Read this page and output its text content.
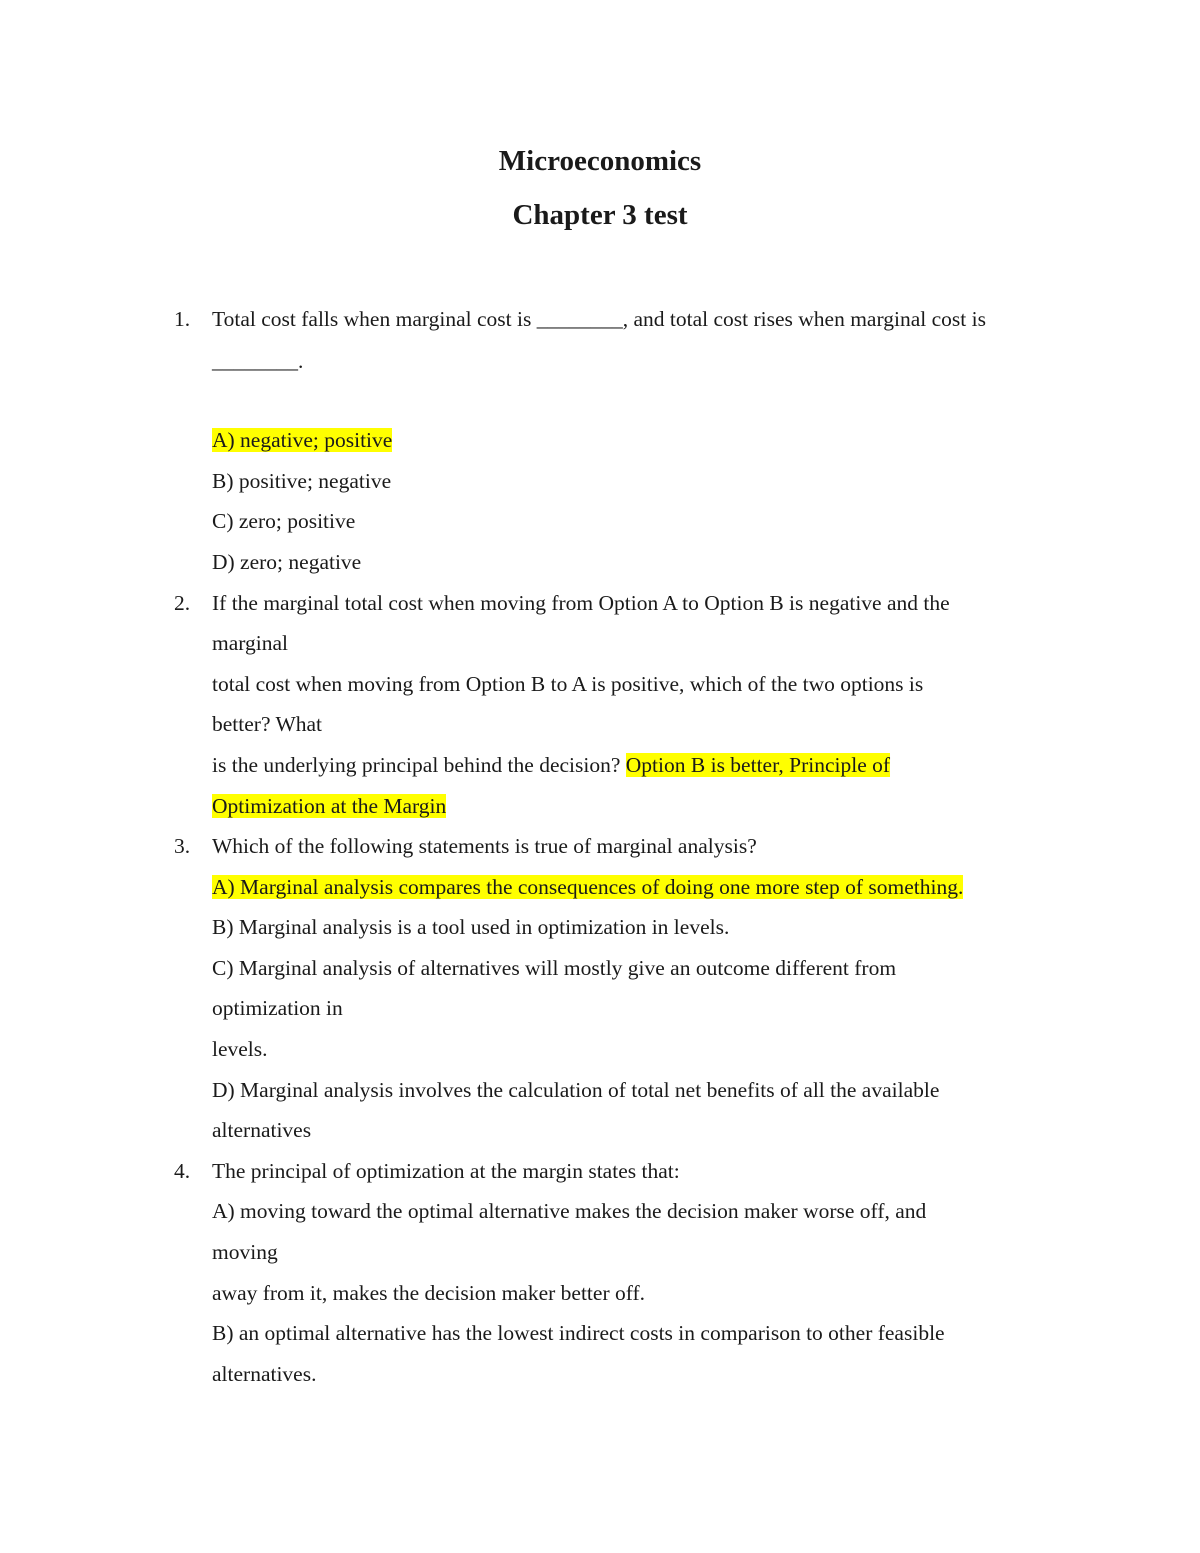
Microeconomics
Chapter 3 test
1. Total cost falls when marginal cost is ________, and total cost rises when marginal cost is
________.
A) negative; positive
B) positive; negative
C) zero; positive
D) zero; negative
2. If the marginal total cost when moving from Option A to Option B is negative and the
marginal
total cost when moving from Option B to A is positive, which of the two options is
better? What
is the underlying principal behind the decision? Option B is better, Principle of
Optimization at the Margin
3. Which of the following statements is true of marginal analysis?
A) Marginal analysis compares the consequences of doing one more step of something.
B) Marginal analysis is a tool used in optimization in levels.
C) Marginal analysis of alternatives will mostly give an outcome different from
optimization in
levels.
D) Marginal analysis involves the calculation of total net benefits of all the available
alternatives
4. The principal of optimization at the margin states that:
A) moving toward the optimal alternative makes the decision maker worse off, and
moving
away from it, makes the decision maker better off.
B) an optimal alternative has the lowest indirect costs in comparison to other feasible
alternatives.
